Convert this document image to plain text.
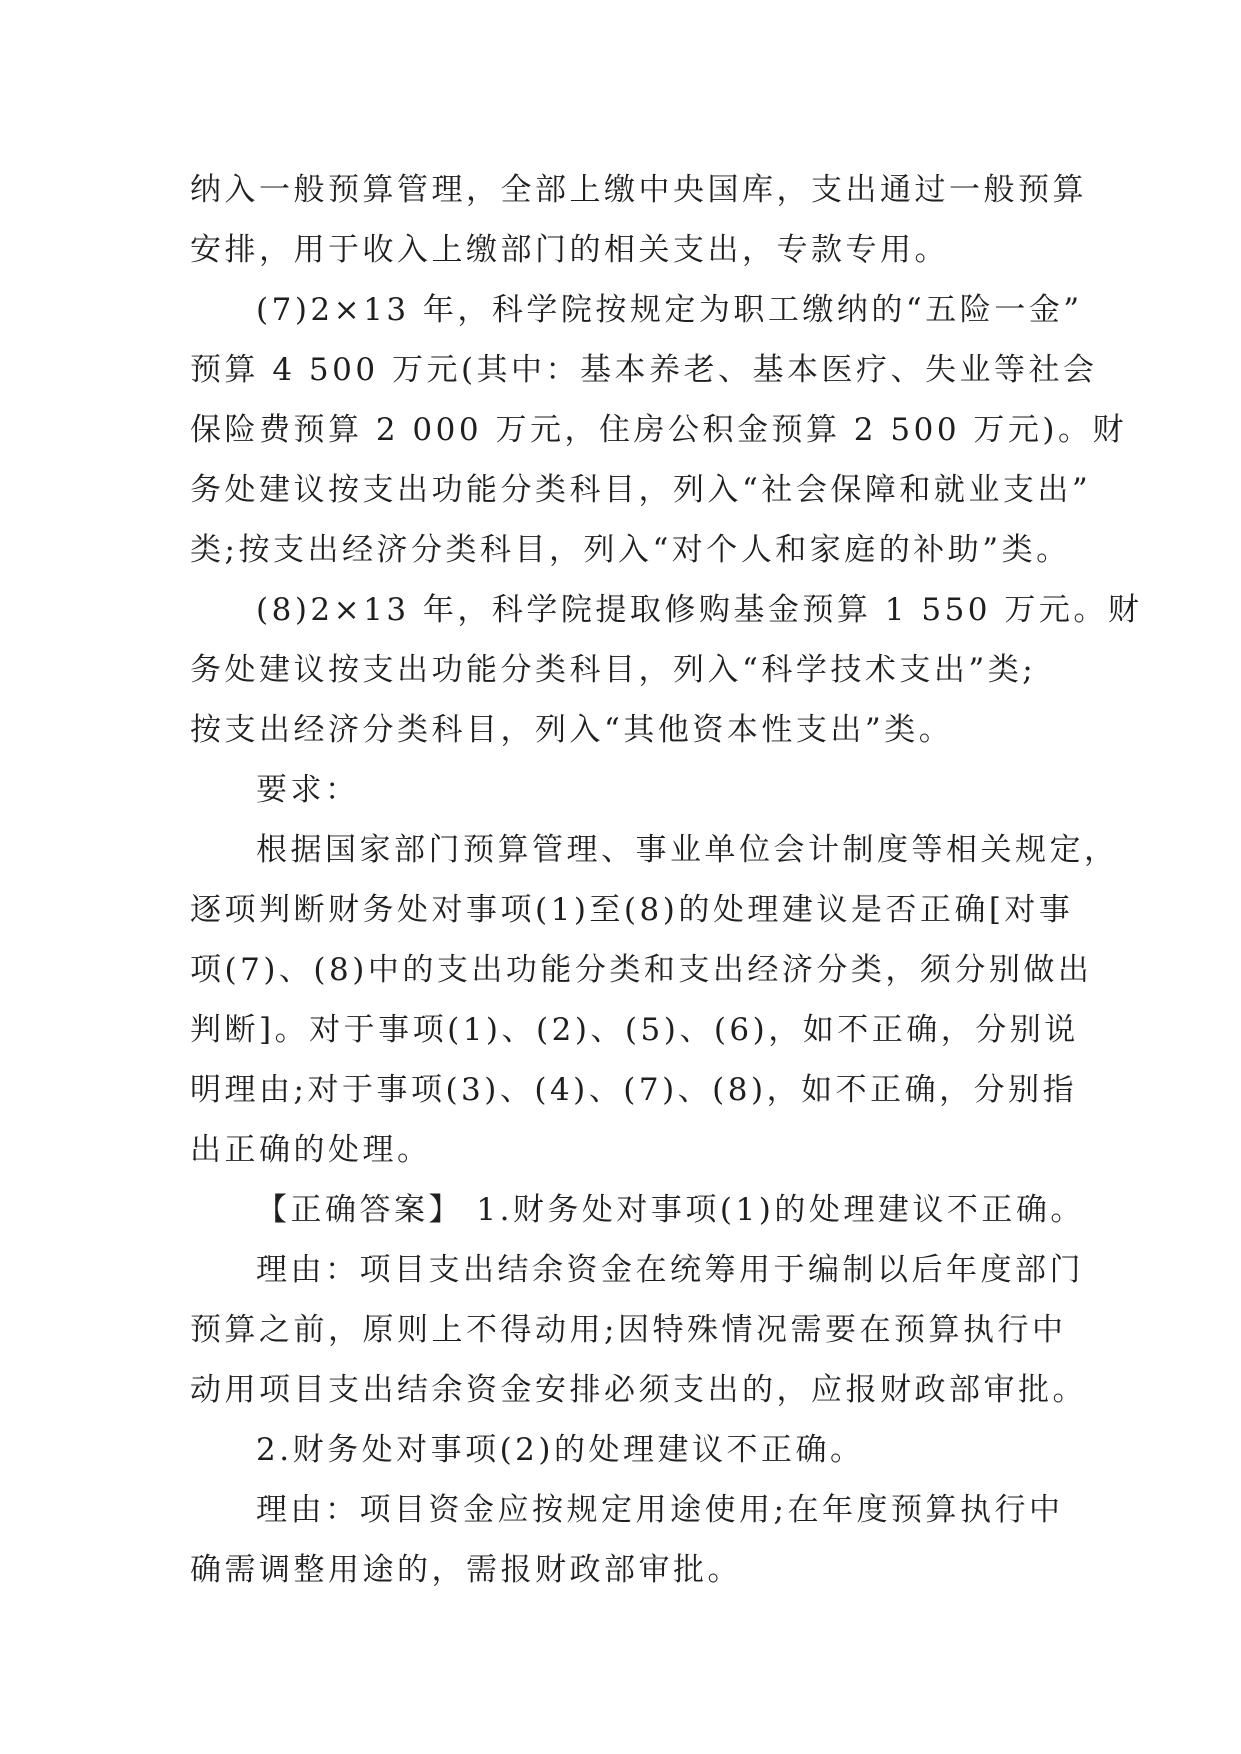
纳入一般预算管理，全部上缴中央国库，支出通过一般预算
安排，用于收入上缴部门的相关支出，专款专用。
(7)2×13 年，科学院按规定为职工缴纳的“五险一金”
预算 4 500 万元(其中：基本养老、基本医疗、失业等社会
保险费预算 2 000 万元，住房公积金预算 2 500 万元)。财
务处建议按支出功能分类科目，列入“社会保障和就业支出”
类;按支出经济分类科目，列入“对个人和家庭的补助”类。
(8)2×13 年，科学院提取修购基金预算 1 550 万元。财
务处建议按支出功能分类科目，列入“科学技术支出”类;
按支出经济分类科目，列入“其他资本性支出”类。
要求：
根据国家部门预算管理、事业单位会计制度等相关规定，
逐项判断财务处对事项(1)至(8)的处理建议是否正确[对事
项(7)、(8)中的支出功能分类和支出经济分类，须分别做出
判断]。对于事项(1)、(2)、(5)、(6)，如不正确，分别说
明理由;对于事项(3)、(4)、(7)、(8)，如不正确，分别指
出正确的处理。
【正确答案】 1.财务处对事项(1)的处理建议不正确。
理由：项目支出结余资金在统筹用于编制以后年度部门
预算之前，原则上不得动用;因特殊情况需要在预算执行中
动用项目支出结余资金安排必须支出的，应报财政部审批。
2.财务处对事项(2)的处理建议不正确。
理由：项目资金应按规定用途使用;在年度预算执行中
确需调整用途的，需报财政部审批。
